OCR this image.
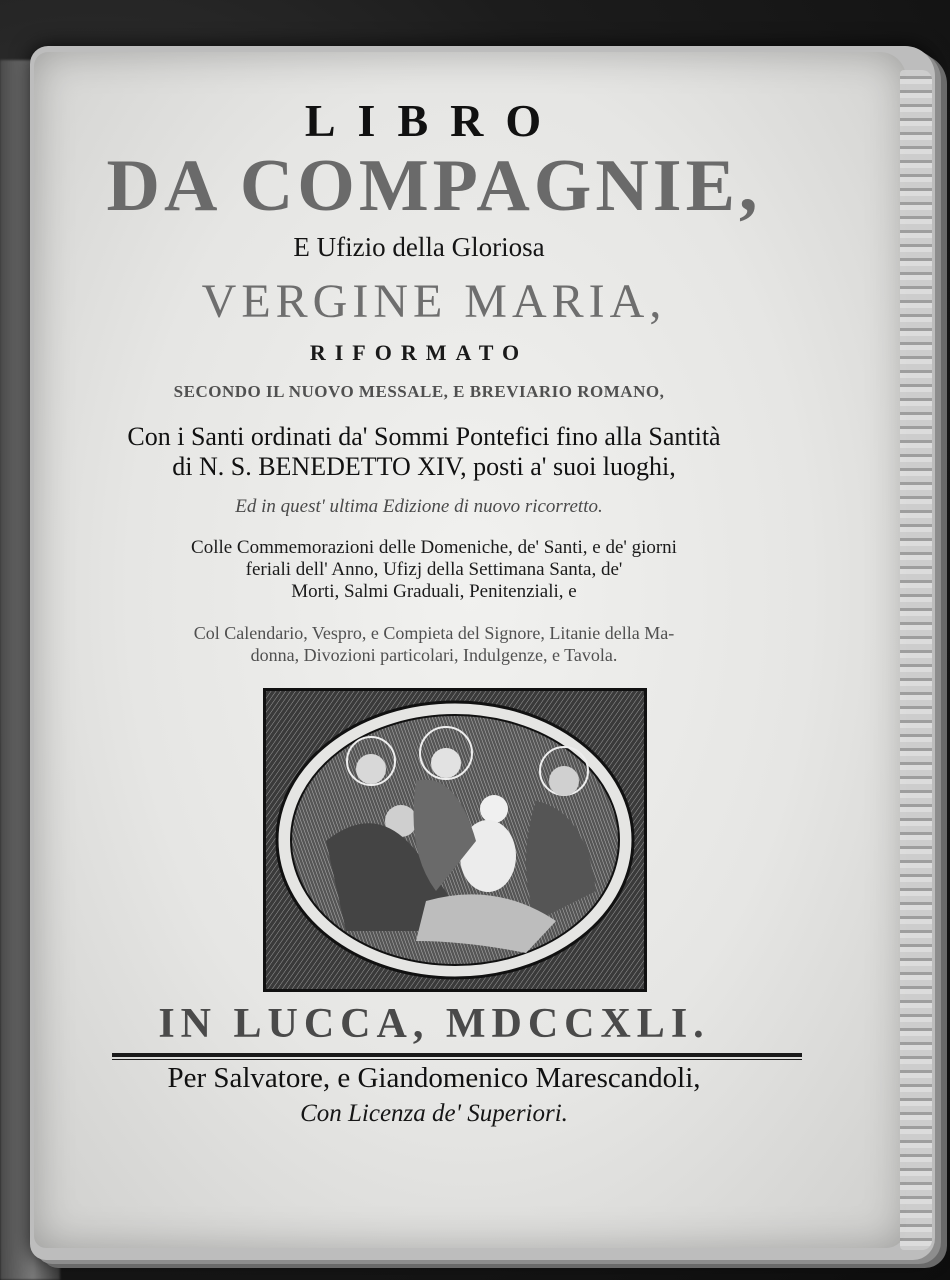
LIBRO
DA COMPAGNIE,
E Ufizio della Gloriosa
VERGINE MARIA,
RIFORMATO
SECONDO IL NUOVO MESSALE, E BREVIARIO ROMANO,
Con i Santi ordinati da' Sommi Pontefici fino alla Santità
di N. S. BENEDETTO XIV, posti a' suoi luoghi,
Ed in quest' ultima Edizione di nuovo ricorretto.
Colle Commemorazioni delle Domeniche, de' Santi, e de' giorni
feriali dell' Anno, Ufizj della Settimana Santa, de'
Morti, Salmi Graduali, Penitenziali, e
Col Calendario, Vespro, e Compieta del Signore, Litanie della Ma-
donna, Divozioni particolari, Indulgenze, e Tavola.
IN LUCCA, MDCCXLI.
Per Salvatore, e Giandomenico Marescandoli,
Con Licenza de' Superiori.
